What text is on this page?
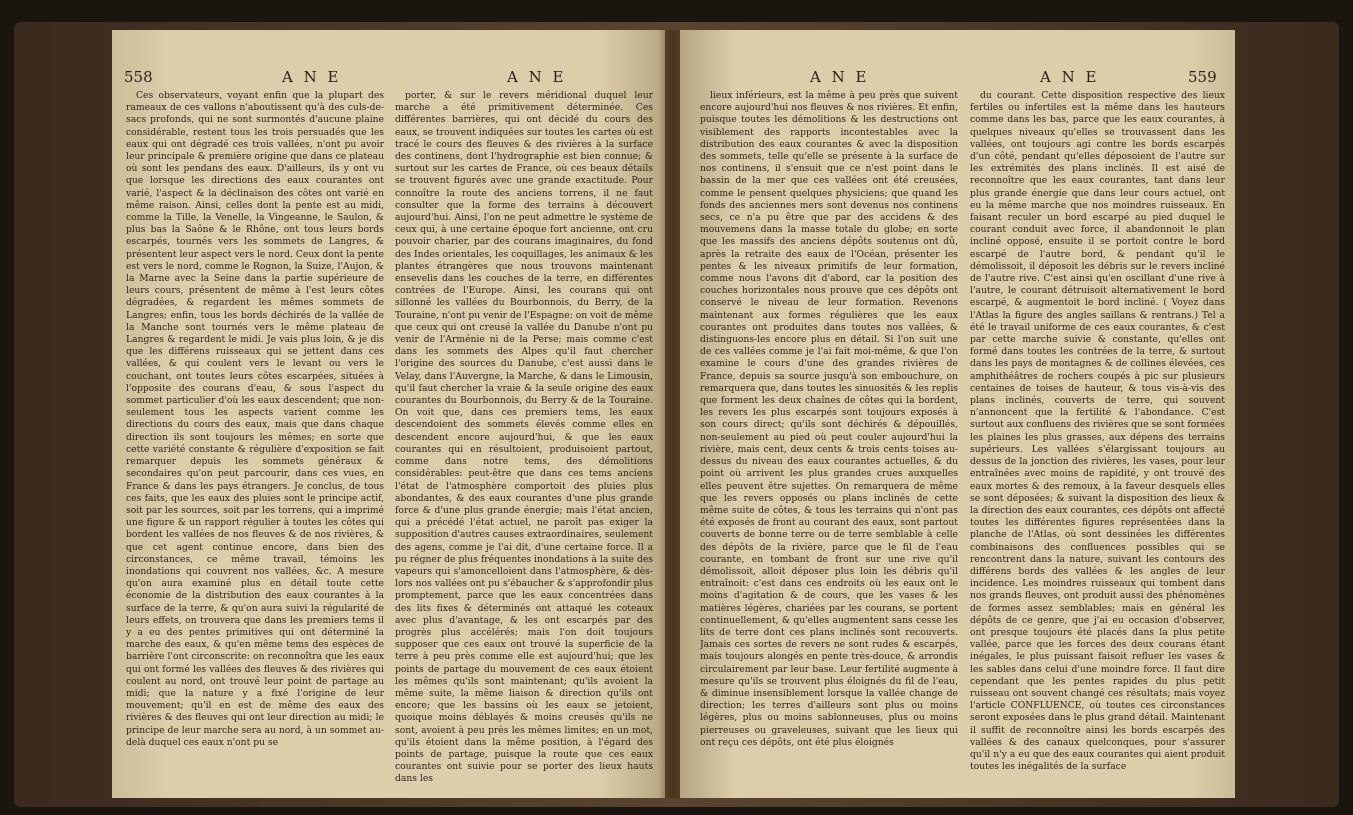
558	A N E	A N E

Ces observateurs, voyant enfin que la plupart des rameaux de ces vallons n'aboutissent qu'à des culs-de-sacs profonds, qui ne sont surmontés d'aucune plaine considérable, restent tous les trois persuadés que les eaux qui ont dégradé ces trois vallées, n'ont pu avoir leur principale & première origine que dans ce plateau où sont les pendans des eaux. D'ailleurs, ils y ont vu que lorsque les directions des eaux courantes ont varié, l'aspect & la déclinaison des côtes ont varié en même raison. Ainsi, celles dont la pente est au midi, comme la Tille, la Venelle, la Vingeanne, le Saulon, & plus bas la Saône & le Rhône, ont tous leurs bords escarpés, tournés vers les sommets de Langres, & présentent leur aspect vers le nord. Ceux dont la pente est vers le nord, comme le Rognon, la Suize, l'Aujon, & la Marne avec la Seine dans la partie supérieure de leurs cours, présentent de même à l'est leurs côtes dégradées, & regardent les mêmes sommets de Langres; enfin, tous les bords déchirés de la vallée de la Manche sont tournés vers le même plateau de Langres & regardent le midi. Je vais plus loin, & je dis que les différens ruisseaux qui se jettent dans ces vallées, & qui coulent vers le levant ou vers le couchant, ont toutes leurs côtes escarpées, situées à l'opposite des courans d'eau, & sous l'aspect du sommet particulier d'où les eaux descendent; que non-seulement tous les aspects varient comme les directions du cours des eaux, mais que dans chaque direction ils sont toujours les mêmes; en sorte que cette variété constante & régulière d'exposition se fait remarquer depuis les sommets généraux & secondaires qu'on peut parcourir, dans ces vues, en France & dans les pays étrangers. Je conclus, de tous ces faits, que les eaux des pluies sont le principe actif, soit par les sources, soit par les torrens, qui a imprimé une figure & un rapport régulier à toutes les côtes qui bordent les vallées de nos fleuves & de nos rivières, & que cet agent continue encore, dans bien des circonstances, ce même travail, témoins les inondations qui couvrent nos vallées, &c. A mesure qu'on aura examiné plus en détail toute cette économie de la distribution des eaux courantes à la surface de la terre, & qu'on aura suivi la régularité de leurs effets, on trouvera que dans les premiers tems il y a eu des pentes primitives qui ont déterminé la marche des eaux, & qu'en même tems des espèces de barrière l'ont circonscrite: on reconnoîtra que les eaux qui ont formé les vallées des fleuves & des rivières qui coulent au nord, ont trouvé leur point de partage au midi; que la nature y a fixé l'origine de leur mouvement; qu'il en est de même des eaux des rivières & des fleuves qui ont leur direction au midi; le principe de leur marche sera au nord, à un sommet au-delà duquel ces eaux n'ont pu se

porter, & sur le revers méridional duquel leur marche a été primitivement déterminée. Ces différentes barrières, qui ont décidé du cours des eaux, se trouvent indiquées sur toutes les cartes où est tracé le cours des fleuves & des rivières à la surface des continens, dont l'hydrographie est bien connue; & surtout sur les cartes de France, où ces beaux détails se trouvent figurés avec une grande exactitude. Pour connoître la route des anciens torrens, il ne faut consulter que la forme des terrains à découvert aujourd'hui. Ainsi, l'on ne peut admettre le système de ceux qui, à une certaine époque fort ancienne, ont cru pouvoir charier, par des courans imaginaires, du fond des Indes orientales, les coquillages, les animaux & les plantes étrangères que nous trouvons maintenant ensevelis dans les couches de la terre, en différentes contrées de l'Europe. Ainsi, les courans qui ont sillonné les vallées du Bourbonnois, du Berry, de la Touraine, n'ont pu venir de l'Espagne: on voit de même que ceux qui ont creusé la vallée du Danube n'ont pu venir de l'Arménie ni de la Perse; mais comme c'est dans les sommets des Alpes qu'il faut chercher l'origine des sources du Danube, c'est aussi dans le Velay, dans l'Auvergne, la Marche, & dans le Limousin, qu'il faut chercher la vraie & la seule origine des eaux courantes du Bourbonnois, du Berry & de la Touraine. On voit que, dans ces premiers tems, les eaux descendoient des sommets élevés comme elles en descendent encore aujourd'hui, & que les eaux courantes qui en résultoient, produisoient partout, comme dans notre tems, des démolitions considérables: peut-être que dans ces tems anciens l'état de l'atmosphère comportoit des pluies plus abondantes, & des eaux courantes d'une plus grande force & d'une plus grande énergie; mais l'état ancien, qui a précédé l'état actuel, ne paroît pas exiger la supposition d'autres causes extraordinaires, seulement des agens, comme je l'ai dit, d'une certaine force. Il a pu régner de plus fréquentes inondations à la suite des vapeurs qui s'amoncelloient dans l'atmosphère, & dès-lors nos vallées ont pu s'ébaucher & s'approfondir plus promptement, parce que les eaux concentrées dans des lits fixes & déterminés ont attaqué les coteaux avec plus d'avantage, & les ont escarpés par des progrès plus accélérés; mais l'on doit toujours supposer que ces eaux ont trouvé la superficie de la terre à peu près comme elle est aujourd'hui; que les points de partage du mouvement de ces eaux étoient les mêmes qu'ils sont maintenant; qu'ils avoient la même suite, la même liaison & direction qu'ils ont encore; que les bassins où les eaux se jetoient, quoique moins déblayés & moins creusés qu'ils ne sont, avoient à peu près les mêmes limites; en un mot, qu'ils étoient dans la même position, à l'égard des points de partage, puisque la route que ces eaux courantes ont suivie pour se porter des lieux hauts dans les

A N E	A N E	559

lieux inférieurs, est la même à peu près que suivent encore aujourd'hui nos fleuves & nos rivières. Et enfin, puisque toutes les démolitions & les destructions ont visiblement des rapports incontestables avec la distribution des eaux courantes & avec la disposition des sommets, telle qu'elle se présente à la surface de nos continens, il s'ensuit que ce n'est point dans le bassin de la mer que ces vallées ont été creusées, comme le pensent quelques physiciens; que quand les fonds des anciennes mers sont devenus nos continens secs, ce n'a pu être que par des accidens & des mouvemens dans la masse totale du globe; en sorte que les massifs des anciens dépôts soutenus ont dû, après la retraite des eaux de l'Océan, présenter les pentes & les niveaux primitifs de leur formation, comme nous l'avons dit d'abord, car la position des couches horizontales nous prouve que ces dépôts ont conservé le niveau de leur formation. Revenons maintenant aux formes régulières que les eaux courantes ont produites dans toutes nos vallées, & distinguons-les encore plus en détail. Si l'on suit une de ces vallées comme je l'ai fait moi-même, & que l'on examine le cours d'une des grandes rivières de France, depuis sa source jusqu'à son embouchure, on remarquera que, dans toutes les sinuosités & les replis que forment les deux chaînes de côtes qui la bordent, les revers les plus escarpés sont toujours exposés à son cours direct; qu'ils sont déchirés & dépouillés, non-seulement au pied où peut couler aujourd'hui la rivière, mais cent, deux cents & trois cents toises au-dessus du niveau des eaux courantes actuelles, & du point où arrivent les plus grandes crues auxquelles elles peuvent être sujettes. On remarquera de même que les revers opposés ou plans inclinés de cette même suite de côtes, & tous les terrains qui n'ont pas été exposés de front au courant des eaux, sont partout couverts de bonne terre ou de terre semblable à celle des dépôts de la rivière, parce que le fil de l'eau courante, en tombant de front sur une rive qu'il démolissoit, alloit déposer plus loin les débris qu'il entraînoit: c'est dans ces endroits où les eaux ont le moins d'agitation & de cours, que les vases & les matières légères, chariées par les courans, se portent continuellement, & qu'elles augmentent sans cesse les lits de terre dont ces plans inclinés sont recouverts. Jamais ces sortes de revers ne sont rudes & escarpés, mais toujours alongés en pente très-douce, & arrondis circulairement par leur base. Leur fertilité augmente à mesure qu'ils se trouvent plus éloignés du fil de l'eau, & diminue insensiblement lorsque la vallée change de direction; les terres d'ailleurs sont plus ou moins légères, plus ou moins sablonneuses, plus ou moins pierreuses ou graveleuses, suivant que les lieux qui ont reçu ces dépôts, ont été plus éloignés

du courant. Cette disposition respective des lieux fertiles ou infertiles est la même dans les hauteurs comme dans les bas, parce que les eaux courantes, à quelques niveaux qu'elles se trouvassent dans les vallées, ont toujours agi contre les bords escarpés d'un côté, pendant qu'elles déposoient de l'autre sur les extrémités des plans inclinés. Il est aisé de reconnoître que les eaux courantes, tant dans leur plus grande énergie que dans leur cours actuel, ont eu la même marche que nos moindres ruisseaux. En faisant reculer un bord escarpé au pied duquel le courant conduit avec force, il abandonnoit le plan incliné opposé, ensuite il se portoit contre le bord escarpé de l'autre bord, & pendant qu'il le démolissoit, il déposoit les débris sur le revers incliné de l'autre rive. C'est ainsi qu'en oscillant d'une rive à l'autre, le courant détruisoit alternativement le bord escarpé, & augmentoit le bord incliné. ( Voyez dans l'Atlas la figure des angles saillans & rentrans.) Tel a été le travail uniforme de ces eaux courantes, & c'est par cette marche suivie & constante, qu'elles ont formé dans toutes les contrées de la terre, & surtout dans les pays de montagnes & de collines élevées, ces amphithéâtres de rochers coupés à pic sur plusieurs centaines de toises de hauteur, & tous vis-à-vis des plans inclinés, couverts de terre, qui souvent n'annoncent que la fertilité & l'abondance. C'est surtout aux confluens des rivières que se sont formées les plaines les plus grasses, aux dépens des terrains supérieurs. Les vallées s'élargissant toujours au dessus de la jonction des rivières, les vases, pour leur entraînées avec moins de rapidité, y ont trouvé des eaux mortes & des remoux, à la faveur desquels elles se sont déposées; & suivant la disposition des lieux & la direction des eaux courantes, ces dépôts ont affecté toutes les différentes figures représentées dans la planche de l'Atlas, où sont dessinées les différentes combinaisons des confluences possibles qui se rencontrent dans la nature, suivant les contours des différens bords des vallées & les angles de leur incidence. Les moindres ruisseaux qui tombent dans nos grands fleuves, ont produit aussi des phénomènes de formes assez semblables; mais en général les dépôts de ce genre, que j'ai eu occasion d'observer, ont presque toujours été placés dans la plus petite vallée, parce que les forces des deux courans étant inégales, le plus puissant faisoit refluer les vases & les sables dans celui d'une moindre force. Il faut dire cependant que les pentes rapides du plus petit ruisseau ont souvent changé ces résultats; mais voyez l'article CONFLUENCE, où toutes ces circonstances seront exposées dans le plus grand détail. Maintenant il suffit de reconnoître ainsi les bords escarpés des vallées & des canaux quelconques, pour s'assurer qu'il n'y a eu que des eaux courantes qui aient produit toutes les inégalités de la surface
